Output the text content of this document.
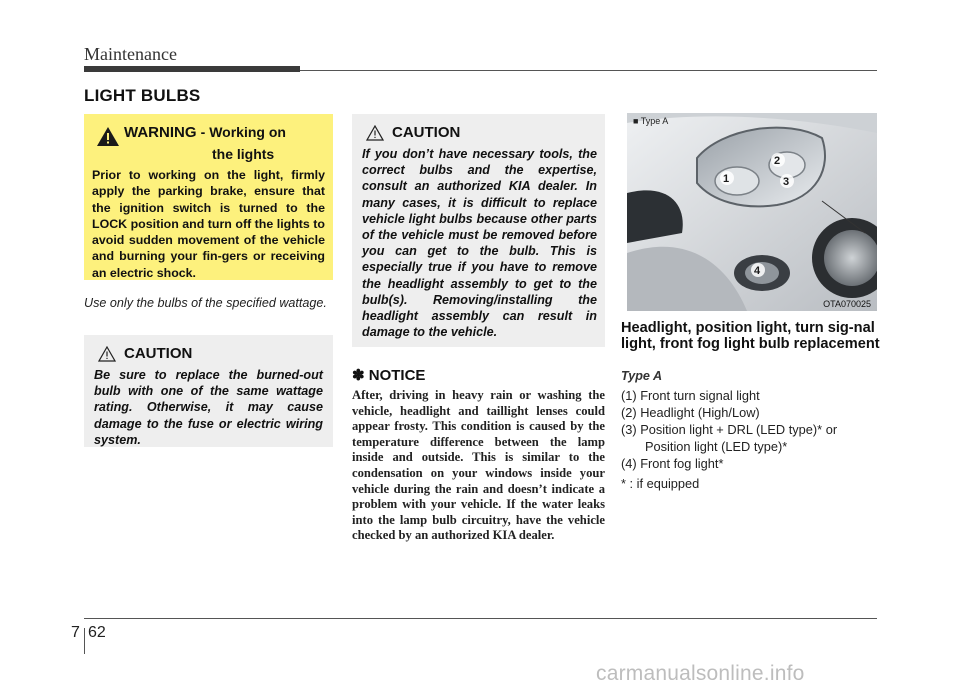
Maintenance
LIGHT BULBS
WARNING - Working on
the lights
Prior to working on the light, firmly apply the parking brake, ensure that the ignition switch is turned to the LOCK position and turn off the lights to avoid sudden movement of the vehicle and burning your fin-gers or receiving an electric shock.
Use only the bulbs of the specified wattage.
CAUTION
Be sure to replace the burned-out bulb with one of the same wattage rating. Otherwise, it may cause damage to the fuse or electric wiring system.
CAUTION
If you don’t have necessary tools, the correct bulbs and the expertise, consult an authorized KIA dealer. In many cases, it is difficult to replace vehicle light bulbs because other parts of the vehicle must be removed before you can get to the bulb. This is especially true if you have to remove the headlight assembly to get to the bulb(s). Removing/installing the headlight assembly can result in damage to the vehicle.
✽ NOTICE
After, driving in heavy rain or washing the vehicle, headlight and taillight lenses could appear frosty. This condition is caused by the temperature difference between the lamp inside and outside. This is similar to the condensation on your windows inside your vehicle during the rain and doesn’t indicate a problem with your vehicle. If the water leaks into the lamp bulb circuitry, have the vehicle checked by an authorized KIA dealer.
■ Type A
1
2
3
4
OTA070025
Headlight, position light, turn sig-nal light, front fog light bulb replacement
Type A
(1) Front turn signal light
(2) Headlight (High/Low)
(3) Position light + DRL (LED type)* or
Position light (LED type)*
(4) Front fog light*
* : if equipped
7 62
carmanualsonline.info
